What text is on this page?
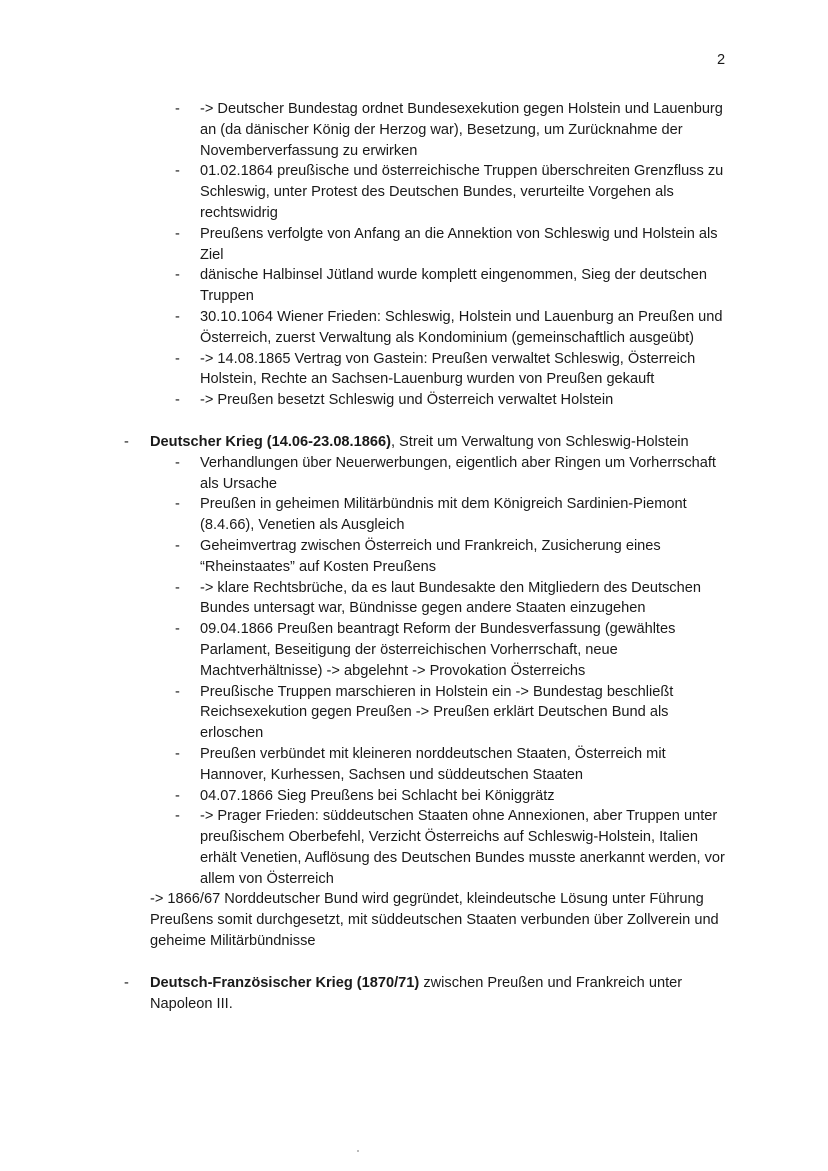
2
- -> Deutscher Bundestag ordnet Bundesexekution gegen Holstein und Lauenburg an (da dänischer König der Herzog war), Besetzung, um Zurücknahme der Novemberverfassung zu erwirken
- 01.02.1864 preußische und österreichische Truppen überschreiten Grenzfluss zu Schleswig, unter Protest des Deutschen Bundes, verurteilte Vorgehen als rechtswidrig
- Preußens verfolgte von Anfang an die Annektion von Schleswig und Holstein als Ziel
- dänische Halbinsel Jütland wurde komplett eingenommen, Sieg der deutschen Truppen
- 30.10.1064 Wiener Frieden: Schleswig, Holstein und Lauenburg an Preußen und Österreich, zuerst Verwaltung als Kondominium (gemeinschaftlich ausgeübt)
- -> 14.08.1865 Vertrag von Gastein: Preußen verwaltet Schleswig, Österreich Holstein, Rechte an Sachsen-Lauenburg wurden von Preußen gekauft
- -> Preußen besetzt Schleswig und Österreich verwaltet Holstein
- Deutscher Krieg (14.06-23.08.1866), Streit um Verwaltung von Schleswig-Holstein
- Verhandlungen über Neuerwerbungen, eigentlich aber Ringen um Vorherrschaft als Ursache
- Preußen in geheimen Militärbündnis mit dem Königreich Sardinien-Piemont (8.4.66), Venetien als Ausgleich
- Geheimvertrag zwischen Österreich und Frankreich, Zusicherung eines “Rheinstaates” auf Kosten Preußens
- -> klare Rechtsbrüche, da es laut Bundesakte den Mitgliedern des Deutschen Bundes untersagt war, Bündnisse gegen andere Staaten einzugehen
- 09.04.1866 Preußen beantragt Reform der Bundesverfassung (gewähltes Parlament, Beseitigung der österreichischen Vorherrschaft, neue Machtverhältnisse) -> abgelehnt -> Provokation Österreichs
- Preußische Truppen marschieren in Holstein ein -> Bundestag beschließt Reichsexekution gegen Preußen -> Preußen erklärt Deutschen Bund als erloschen
- Preußen verbündet mit kleineren norddeutschen Staaten, Österreich mit Hannover, Kurhessen, Sachsen und süddeutschen Staaten
- 04.07.1866 Sieg Preußens bei Schlacht bei Königgrätz
- -> Prager Frieden: süddeutschen Staaten ohne Annexionen, aber Truppen unter preußischem Oberbefehl, Verzicht Österreichs auf Schleswig-Holstein, Italien erhält Venetien, Auflösung des Deutschen Bundes musste anerkannt werden, vor allem von Österreich
-> 1866/67 Norddeutscher Bund wird gegründet, kleindeutsche Lösung unter Führung Preußens somit durchgesetzt, mit süddeutschen Staaten verbunden über Zollverein und geheime Militärbündnisse
- Deutsch-Französischer Krieg (1870/71) zwischen Preußen und Frankreich unter Napoleon III.
